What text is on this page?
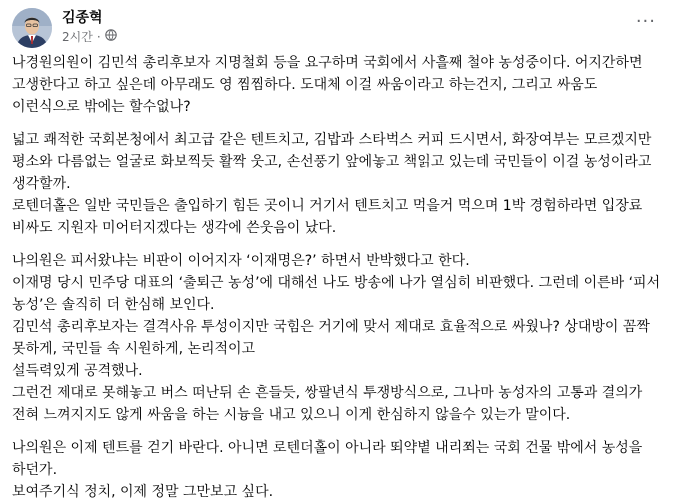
김종혁
2시간 ·
···
나경원의원이 김민석 총리후보자 지명철회 등을 요구하며 국회에서 사흘째 철야 농성중이다. 어지간하면 고생한다고 하고 싶은데 아무래도 영 찜찜하다. 도대체 이걸 싸움이라고 하는건지, 그리고 싸움도 이런식으로 밖에는 할수없나?
넓고 쾌적한 국회본청에서 최고급 같은 텐트치고, 김밥과 스타벅스 커피 드시면서, 화장여부는 모르겠지만 평소와 다름없는 얼굴로 화보찍듯 활짝 웃고, 손선풍기 앞에놓고 책읽고 있는데 국민들이 이걸 농성이라고 생각할까.
로텐더홀은 일반 국민들은 출입하기 힘든 곳이니 거기서 텐트치고 먹을거 먹으며 1박 경험하라면 입장료 비싸도 지원자 미어터지겠다는 생각에 쓴웃음이 났다.
나의원은 피서왔냐는 비판이 이어지자 ‘이재명은?’ 하면서 반박했다고 한다.
이재명 당시 민주당 대표의 ‘출퇴근 농성’에 대해선 나도 방송에 나가 열심히 비판했다. 그런데 이른바 ‘피서 농성’은 솔직히 더 한심해 보인다.
김민석 총리후보자는 결격사유 투성이지만 국힘은 거기에 맞서 제대로 효율적으로 싸웠나? 상대방이 꼼짝 못하게, 국민들 속 시원하게, 논리적이고
설득력있게 공격했나.
그런건 제대로 못해놓고 버스 떠난뒤 손 흔들듯, 쌍팔년식 투쟁방식으로, 그나마 농성자의 고통과 결의가 전혀 느껴지지도 않게 싸움을 하는 시늉을 내고 있으니 이게 한심하지 않을수 있는가 말이다.
나의원은 이제 텐트를 걷기 바란다. 아니면 로텐더홀이 아니라 뙤약볕 내리쬐는 국회 건물 밖에서 농성을 하던가.
보여주기식 정치, 이제 정말 그만보고 싶다.
